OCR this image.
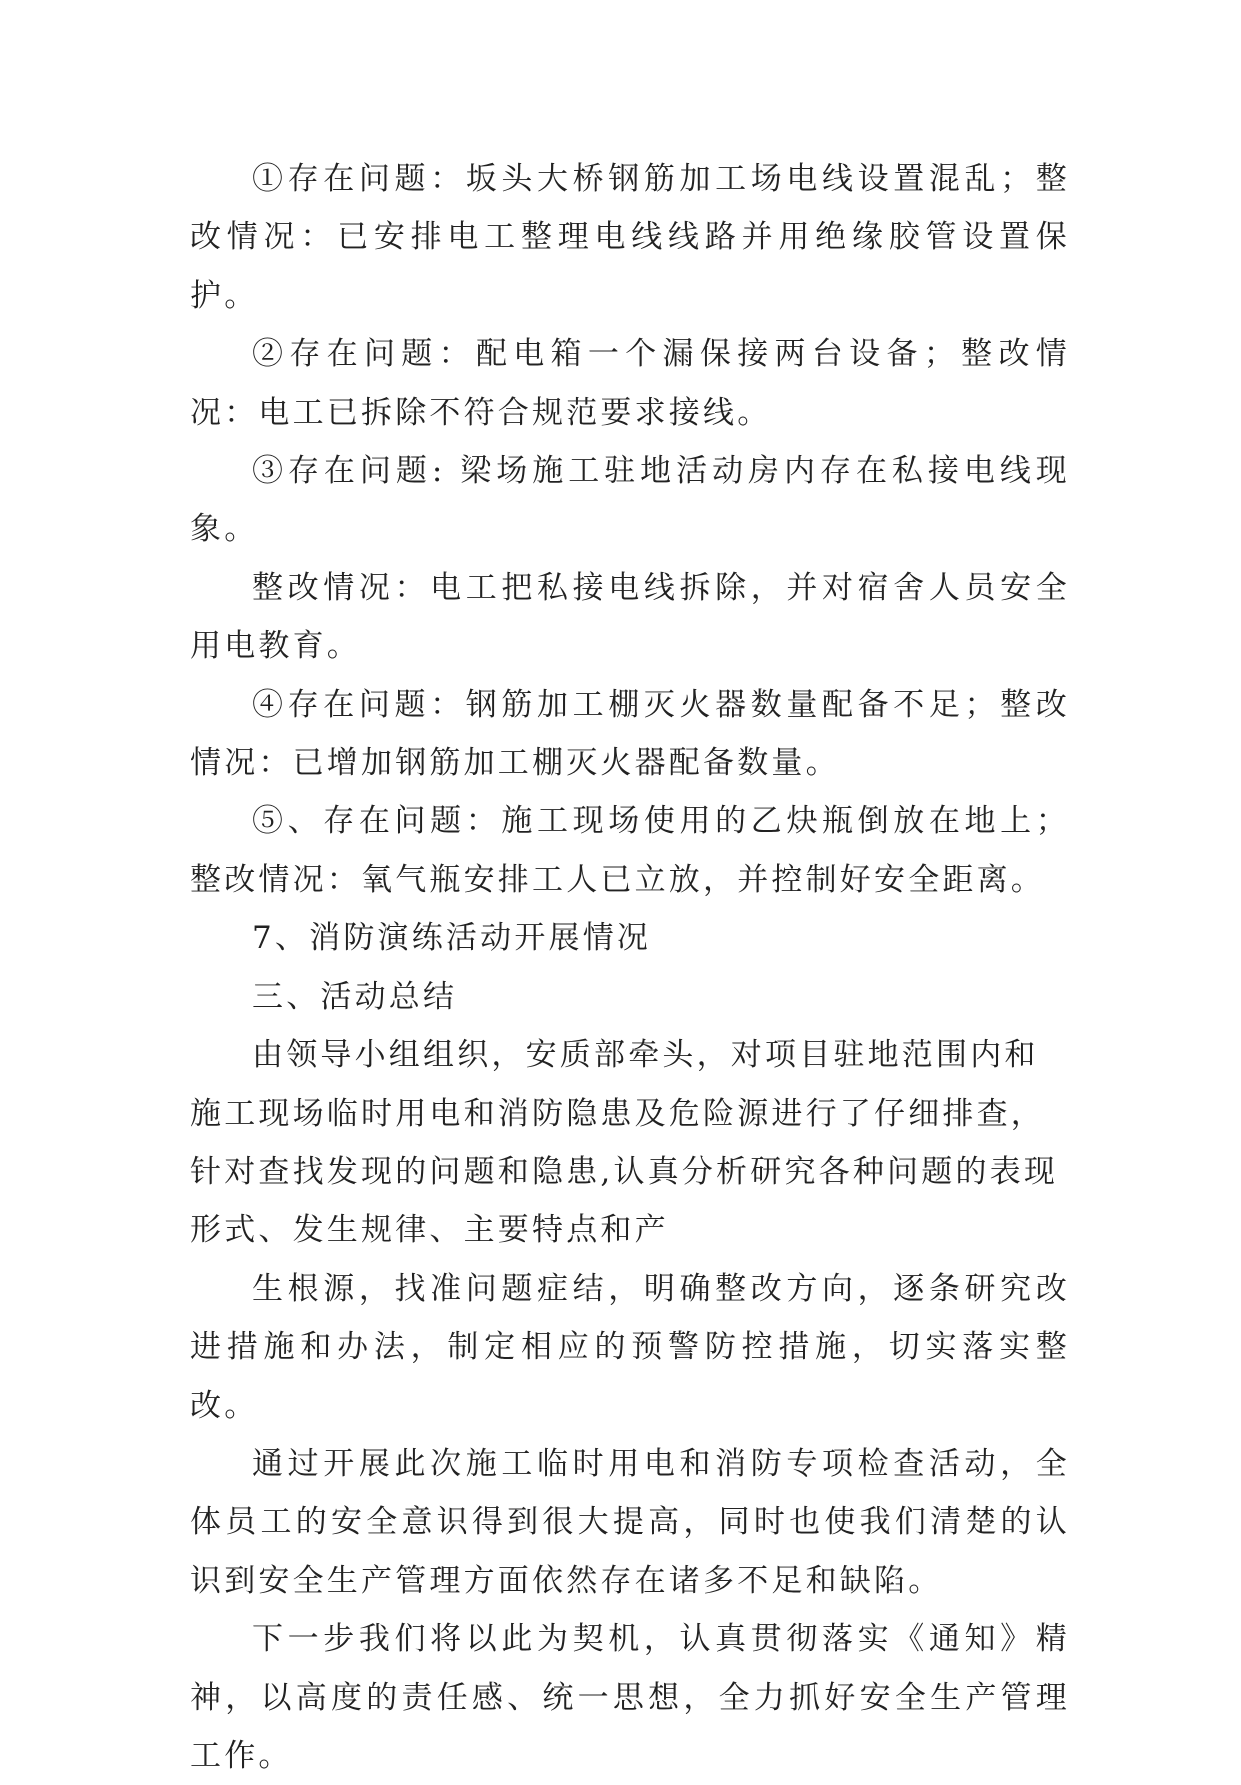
①存在问题：坂头大桥钢筋加工场电线设置混乱；整改情况：已安排电工整理电线线路并用绝缘胶管设置保护。

②存在问题：配电箱一个漏保接两台设备；整改情况：电工已拆除不符合规范要求接线。

③存在问题: 梁场施工驻地活动房内存在私接电线现象。

整改情况：电工把私接电线拆除，并对宿舍人员安全用电教育。

④存在问题：钢筋加工棚灭火器数量配备不足；整改情况：已增加钢筋加工棚灭火器配备数量。

⑤、存在问题：施工现场使用的乙炔瓶倒放在地上；整改情况：氧气瓶安排工人已立放，并控制好安全距离。

7、消防演练活动开展情况

三、活动总结

由领导小组组织，安质部牵头，对项目驻地范围内和施工现场临时用电和消防隐患及危险源进行了仔细排查，针对查找发现的问题和隐患,认真分析研究各种问题的表现形式、发生规律、主要特点和产

生根源，找准问题症结，明确整改方向，逐条研究改进措施和办法，制定相应的预警防控措施，切实落实整改。

通过开展此次施工临时用电和消防专项检查活动，全体员工的安全意识得到很大提高，同时也使我们清楚的认识到安全生产管理方面依然存在诸多不足和缺陷。

下一步我们将以此为契机，认真贯彻落实《通知》精神，以高度的责任感、统一思想，全力抓好安全生产管理工作。
